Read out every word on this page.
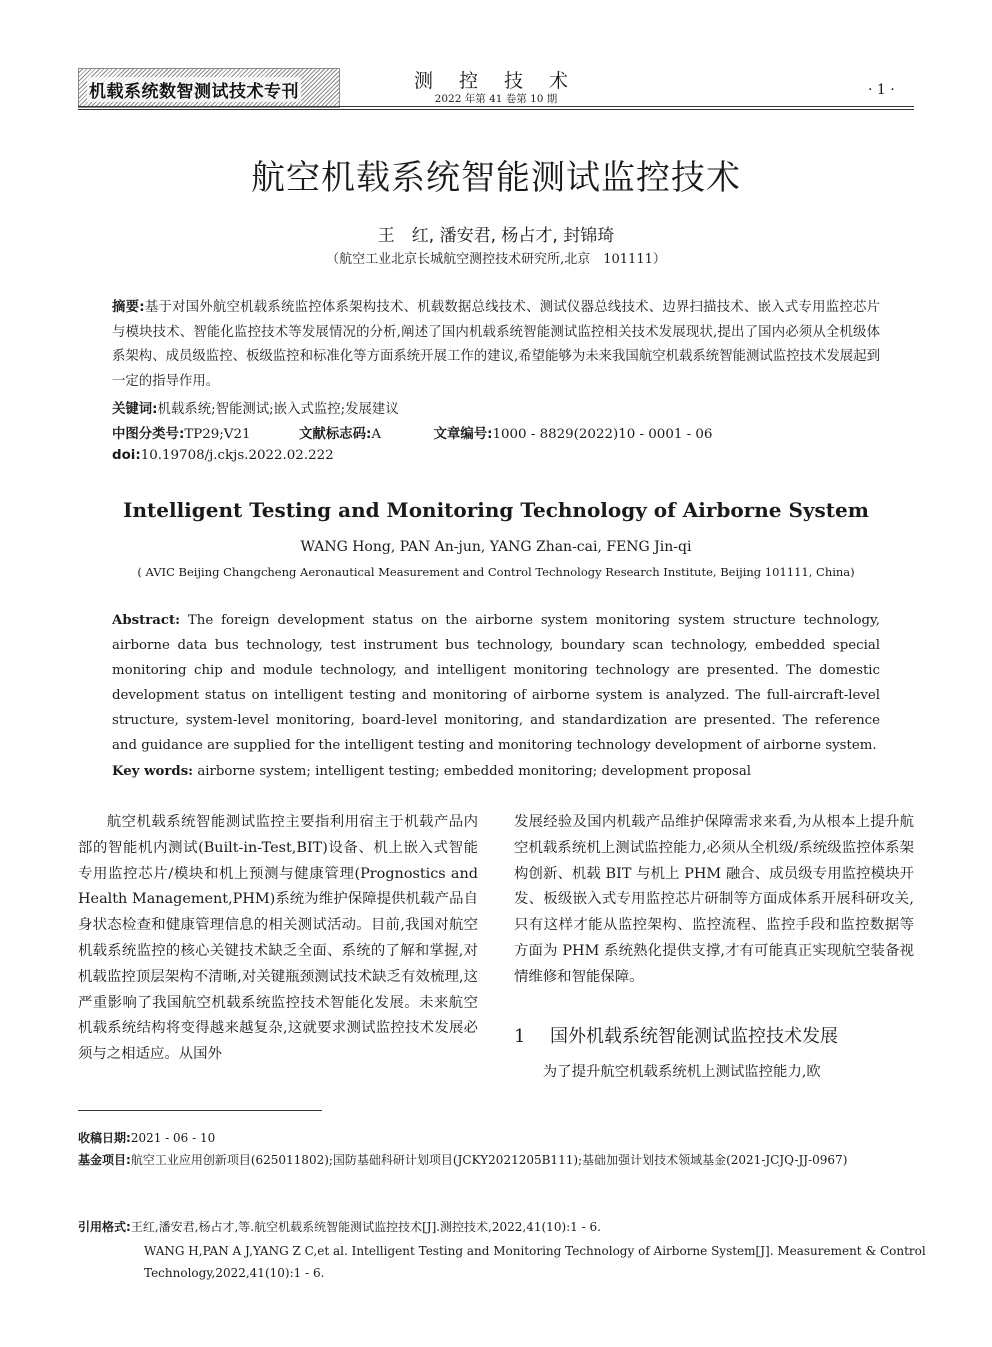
机载系统数智测试技术专刊	测 控 技 术
2022 年第 41 卷第 10 期
· 1 ·
航空机载系统智能测试监控技术
王　红, 潘安君, 杨占才, 封锦琦
（航空工业北京长城航空测控技术研究所,北京　101111）
摘要:基于对国外航空机载系统监控体系架构技术、机载数据总线技术、测试仪器总线技术、边界扫描技术、嵌入式专用监控芯片与模块技术、智能化监控技术等发展情况的分析,阐述了国内机载系统智能测试监控相关技术发展现状,提出了国内必须从全机级体系架构、成员级监控、板级监控和标准化等方面系统开展工作的建议,希望能够为未来我国航空机载系统智能测试监控技术发展起到一定的指导作用。
关键词:机载系统;智能测试;嵌入式监控;发展建议
中图分类号:TP29;V21	文献标志码:A	文章编号:1000 - 8829(2022)10 - 0001 - 06
doi:10.19708/j.ckjs.2022.02.222
Intelligent Testing and Monitoring Technology of Airborne System
WANG Hong, PAN An-jun, YANG Zhan-cai, FENG Jin-qi
( AVIC Beijing Changcheng Aeronautical Measurement and Control Technology Research Institute, Beijing 101111, China)
Abstract: The foreign development status on the airborne system monitoring system structure technology, airborne data bus technology, test instrument bus technology, boundary scan technology, embedded special monitoring chip and module technology, and intelligent monitoring technology are presented. The domestic development status on intelligent testing and monitoring of airborne system is analyzed. The full-aircraft-level structure, system-level monitoring, board-level monitoring, and standardization are presented. The reference and guidance are supplied for the intelligent testing and monitoring technology development of airborne system.
Key words: airborne system; intelligent testing; embedded monitoring; development proposal
航空机载系统智能测试监控主要指利用宿主于机载产品内部的智能机内测试(Built-in-Test,BIT)设备、机上嵌入式智能专用监控芯片/模块和机上预测与健康管理(Prognostics and Health Management,PHM)系统为维护保障提供机载产品自身状态检查和健康管理信息的相关测试活动。目前,我国对航空机载系统监控的核心关键技术缺乏全面、系统的了解和掌握,对机载监控顶层架构不清晰,对关键瓶颈测试技术缺乏有效梳理,这严重影响了我国航空机载系统监控技术智能化发展。未来航空机载系统结构将变得越来越复杂,这就要求测试监控技术发展必须与之相适应。从国外
发展经验及国内机载产品维护保障需求来看,为从根本上提升航空机载系统机上测试监控能力,必须从全机级/系统级监控体系架构创新、机载 BIT 与机上 PHM 融合、成员级专用监控模块开发、板级嵌入式专用监控芯片研制等方面成体系开展科研攻关,只有这样才能从监控架构、监控流程、监控手段和监控数据等方面为 PHM 系统熟化提供支撑,才有可能真正实现航空装备视情维修和智能保障。
1 国外机载系统智能测试监控技术发展
为了提升航空机载系统机上测试监控能力,欧
收稿日期:2021 - 06 - 10
基金项目:航空工业应用创新项目(625011802);国防基础科研计划项目(JCKY2021205B111);基础加强计划技术领域基金(2021-JCJQ-JJ-0967)
引用格式:王红,潘安君,杨占才,等.航空机载系统智能测试监控技术[J].测控技术,2022,41(10):1 - 6.
WANG H,PAN A J,YANG Z C,et al. Intelligent Testing and Monitoring Technology of Airborne System[J]. Measurement & Control Technology,2022,41(10):1 - 6.
